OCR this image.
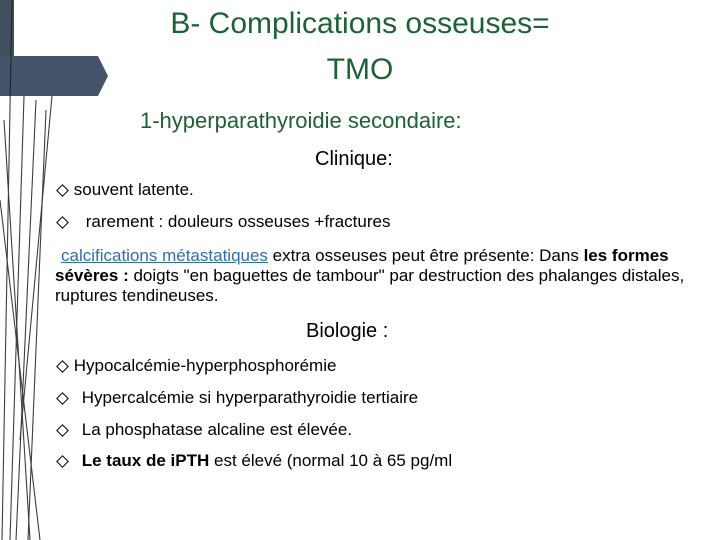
B- Complications osseuses=
TMO
1-hyperparathyroidie secondaire:
Clinique:
souvent latente.
rarement : douleurs osseuses +fractures
calcifications métastatiques extra osseuses peut être présente: Dans les formes sévères : doigts "en baguettes de tambour" par destruction des phalanges distales, ruptures tendineuses.
Biologie :
Hypocalcémie-hyperphosphorémie
Hypercalcémie si hyperparathyroidie tertiaire
La phosphatase alcaline est élevée.
Le taux de iPTH est élevé (normal 10 à 65 pg/ml
